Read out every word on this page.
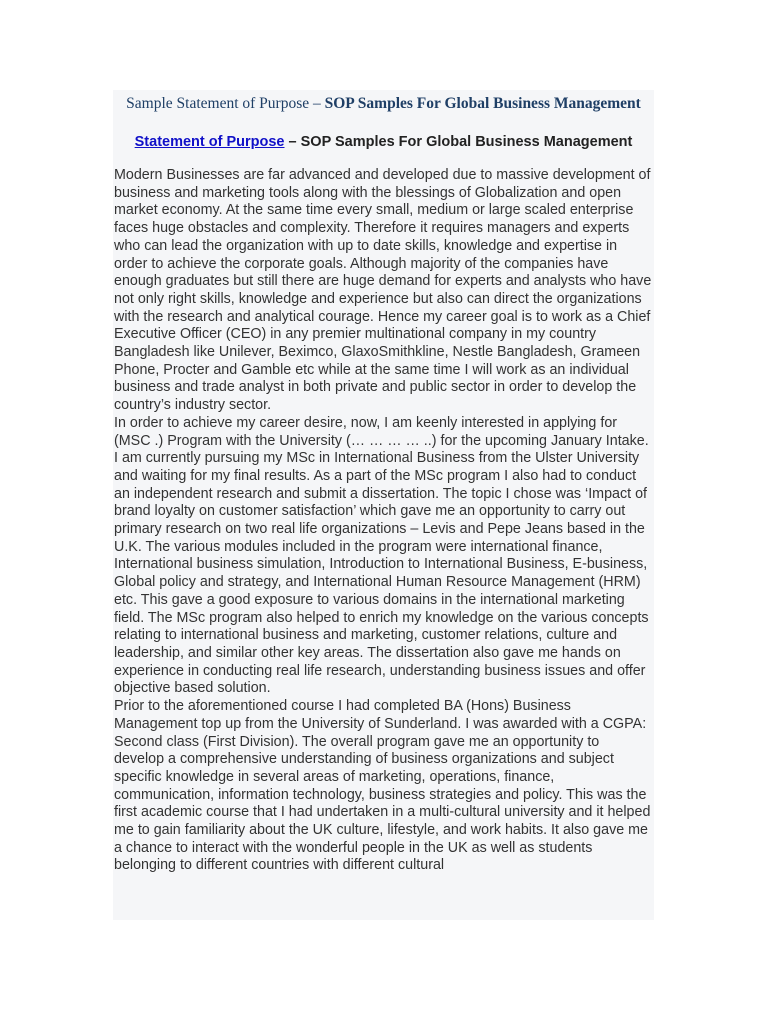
Sample Statement of Purpose – SOP Samples For Global Business Management
Statement of Purpose – SOP Samples For Global Business Management

Modern Businesses are far advanced and developed due to massive development of business and marketing tools along with the blessings of Globalization and open market economy. At the same time every small, medium or large scaled enterprise faces huge obstacles and complexity. Therefore it requires managers and experts who can lead the organization with up to date skills, knowledge and expertise in order to achieve the corporate goals. Although majority of the companies have enough graduates but still there are huge demand for experts and analysts who have not only right skills, knowledge and experience but also can direct the organizations with the research and analytical courage. Hence my career goal is to work as a Chief Executive Officer (CEO) in any premier multinational company in my country Bangladesh like Unilever, Beximco, GlaxoSmithkline, Nestle Bangladesh, Grameen Phone, Procter and Gamble etc while at the same time I will work as an individual business and trade analyst in both private and public sector in order to develop the country’s industry sector.

In order to achieve my career desire, now, I am keenly interested in applying for (MSC .) Program with the University (… … … … ..) for the upcoming January Intake. I am currently pursuing my MSc in International Business from the Ulster University and waiting for my final results. As a part of the MSc program I also had to conduct an independent research and submit a dissertation. The topic I chose was ‘Impact of brand loyalty on customer satisfaction’ which gave me an opportunity to carry out primary research on two real life organizations – Levis and Pepe Jeans based in the U.K. The various modules included in the program were international finance, International business simulation, Introduction to International Business, E-business, Global policy and strategy, and International Human Resource Management (HRM) etc. This gave a good exposure to various domains in the international marketing field. The MSc program also helped to enrich my knowledge on the various concepts relating to international business and marketing, customer relations, culture and leadership, and similar other key areas. The dissertation also gave me hands on experience in conducting real life research, understanding business issues and offer objective based solution.

Prior to the aforementioned course I had completed BA (Hons) Business Management top up from the University of Sunderland. I was awarded with a CGPA: Second class (First Division). The overall program gave me an opportunity to develop a comprehensive understanding of business organizations and subject specific knowledge in several areas of marketing, operations, finance, communication, information technology, business strategies and policy. This was the first academic course that I had undertaken in a multi-cultural university and it helped me to gain familiarity about the UK culture, lifestyle, and work habits. It also gave me a chance to interact with the wonderful people in the UK as well as students belonging to different countries with different cultural
